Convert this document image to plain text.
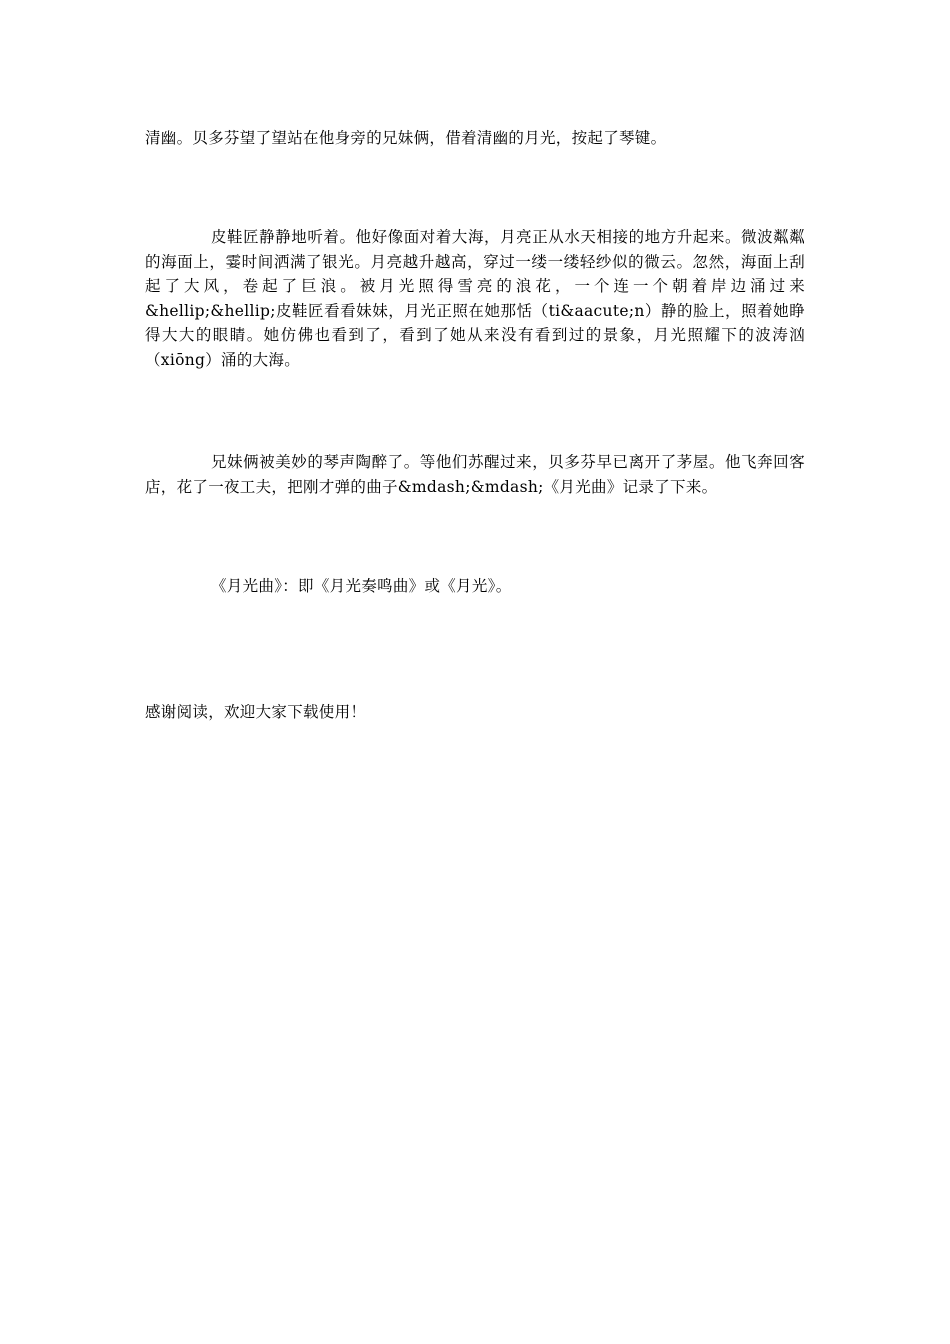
清幽。贝多芬望了望站在他身旁的兄妹俩，借着清幽的月光，按起了琴键。

皮鞋匠静静地听着。他好像面对着大海，月亮正从水天相接的地方升起来。微波粼粼的海面上，霎时间洒满了银光。月亮越升越高，穿过一缕一缕轻纱似的微云。忽然，海面上刮起了大风，卷起了巨浪。被月光照得雪亮的浪花，一个连一个朝着岸边涌过来&hellip;&hellip;皮鞋匠看看妹妹，月光正照在她那恬（ti&aacute;n）静的脸上，照着她睁得大大的眼睛。她仿佛也看到了，看到了她从来没有看到过的景象，月光照耀下的波涛汹（xiōng）涌的大海。

兄妹俩被美妙的琴声陶醉了。等他们苏醒过来，贝多芬早已离开了茅屋。他飞奔回客店，花了一夜工夫，把刚才弹的曲子&mdash;&mdash;《月光曲》记录了下来。

《月光曲》：即《月光奏鸣曲》或《月光》。

感谢阅读，欢迎大家下载使用！
